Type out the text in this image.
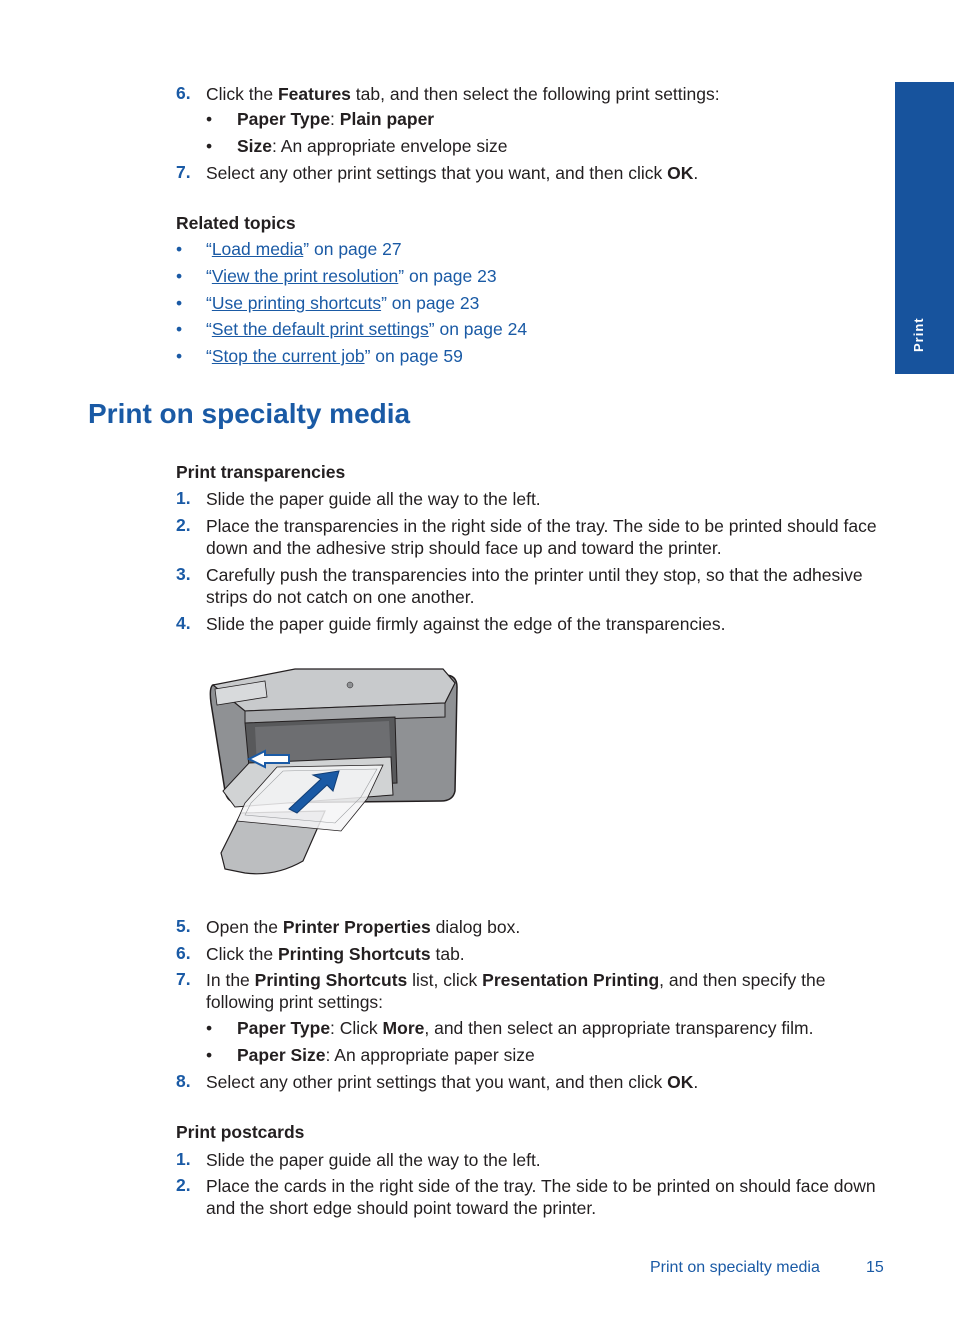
Print
6. Click the Features tab, and then select the following print settings:
• Paper Type: Plain paper
• Size: An appropriate envelope size
7. Select any other print settings that you want, and then click OK.
Related topics
• “Load media” on page 27
• “View the print resolution” on page 23
• “Use printing shortcuts” on page 23
• “Set the default print settings” on page 24
• “Stop the current job” on page 59
Print on specialty media
Print transparencies
1. Slide the paper guide all the way to the left.
2. Place the transparencies in the right side of the tray. The side to be printed should face down and the adhesive strip should face up and toward the printer.
3. Carefully push the transparencies into the printer until they stop, so that the adhesive strips do not catch on one another.
4. Slide the paper guide firmly against the edge of the transparencies.
5. Open the Printer Properties dialog box.
6. Click the Printing Shortcuts tab.
7. In the Printing Shortcuts list, click Presentation Printing, and then specify the following print settings:
• Paper Type: Click More, and then select an appropriate transparency film.
• Paper Size: An appropriate paper size
8. Select any other print settings that you want, and then click OK.
Print postcards
1. Slide the paper guide all the way to the left.
2. Place the cards in the right side of the tray. The side to be printed on should face down and the short edge should point toward the printer.
Print on specialty media	15
